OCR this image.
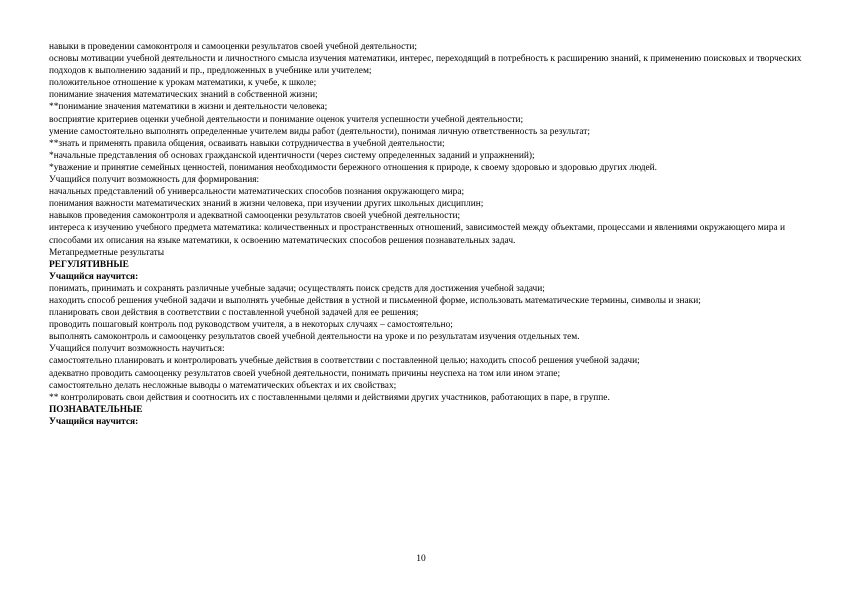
навыки в проведении самоконтроля и самооценки результатов своей учебной деятельности;
основы мотивации учебной деятельности и личностного смысла изучения математики, интерес, переходящий в потребность к расширению знаний, к применению поисковых и творческих подходов к выполнению заданий и пр., предложенных в учебнике или учителем;
положительное отношение к урокам математики, к учебе, к школе;
понимание значения математических знаний в собственной жизни;
**понимание значения математики в жизни и деятельности человека;
восприятие критериев оценки учебной деятельности и понимание оценок учителя успешности учебной деятельности;
умение самостоятельно выполнять определенные учителем виды работ (деятельности), понимая личную ответственность за результат;
**знать и применять правила общения, осваивать навыки сотрудничества в учебной деятельности;
*начальные представления об основах гражданской идентичности (через систему определенных заданий и упражнений);
*уважение и принятие семейных ценностей, понимания необходимости бережного отношения к природе, к своему здоровью и здоровью других людей.
Учащийся получит возможность для формирования:
начальных представлений об универсальности математических способов познания окружающего мира;
понимания важности математических знаний в жизни человека, при изучении других школьных дисциплин;
навыков проведения самоконтроля и адекватной самооценки результатов своей учебной деятельности;
интереса к изучению учебного предмета математика: количественных и пространственных отношений, зависимостей между объектами, процессами и явлениями окружающего мира и способами их описания на языке математики, к освоению математических способов решения познавательных задач.
Метапредметные результаты
РЕГУЛЯТИВНЫЕ
Учащийся научится:
понимать, принимать и сохранять различные учебные задачи; осуществлять поиск средств для достижения учебной задачи;
находить способ решения учебной задачи и выполнять учебные действия в устной и письменной форме, использовать математические термины, символы и знаки;
планировать свои действия в соответствии с поставленной учебной задачей для ее решения;
проводить пошаговый контроль под руководством учителя, а в некоторых случаях – самостоятельно;
выполнять самоконтроль и самооценку результатов своей учебной деятельности на уроке и по результатам изучения отдельных тем.
Учащийся получит возможность научиться:
самостоятельно планировать и контролировать учебные действия в соответствии с поставленной целью; находить способ решения учебной задачи;
адекватно проводить самооценку результатов своей учебной деятельности, понимать причины неуспеха на том или ином этапе;
самостоятельно делать несложные выводы о математических объектах и их свойствах;
** контролировать свои действия и соотносить их с поставленными целями и действиями других участников, работающих в паре, в группе.
ПОЗНАВАТЕЛЬНЫЕ
Учащийся научится:
10
